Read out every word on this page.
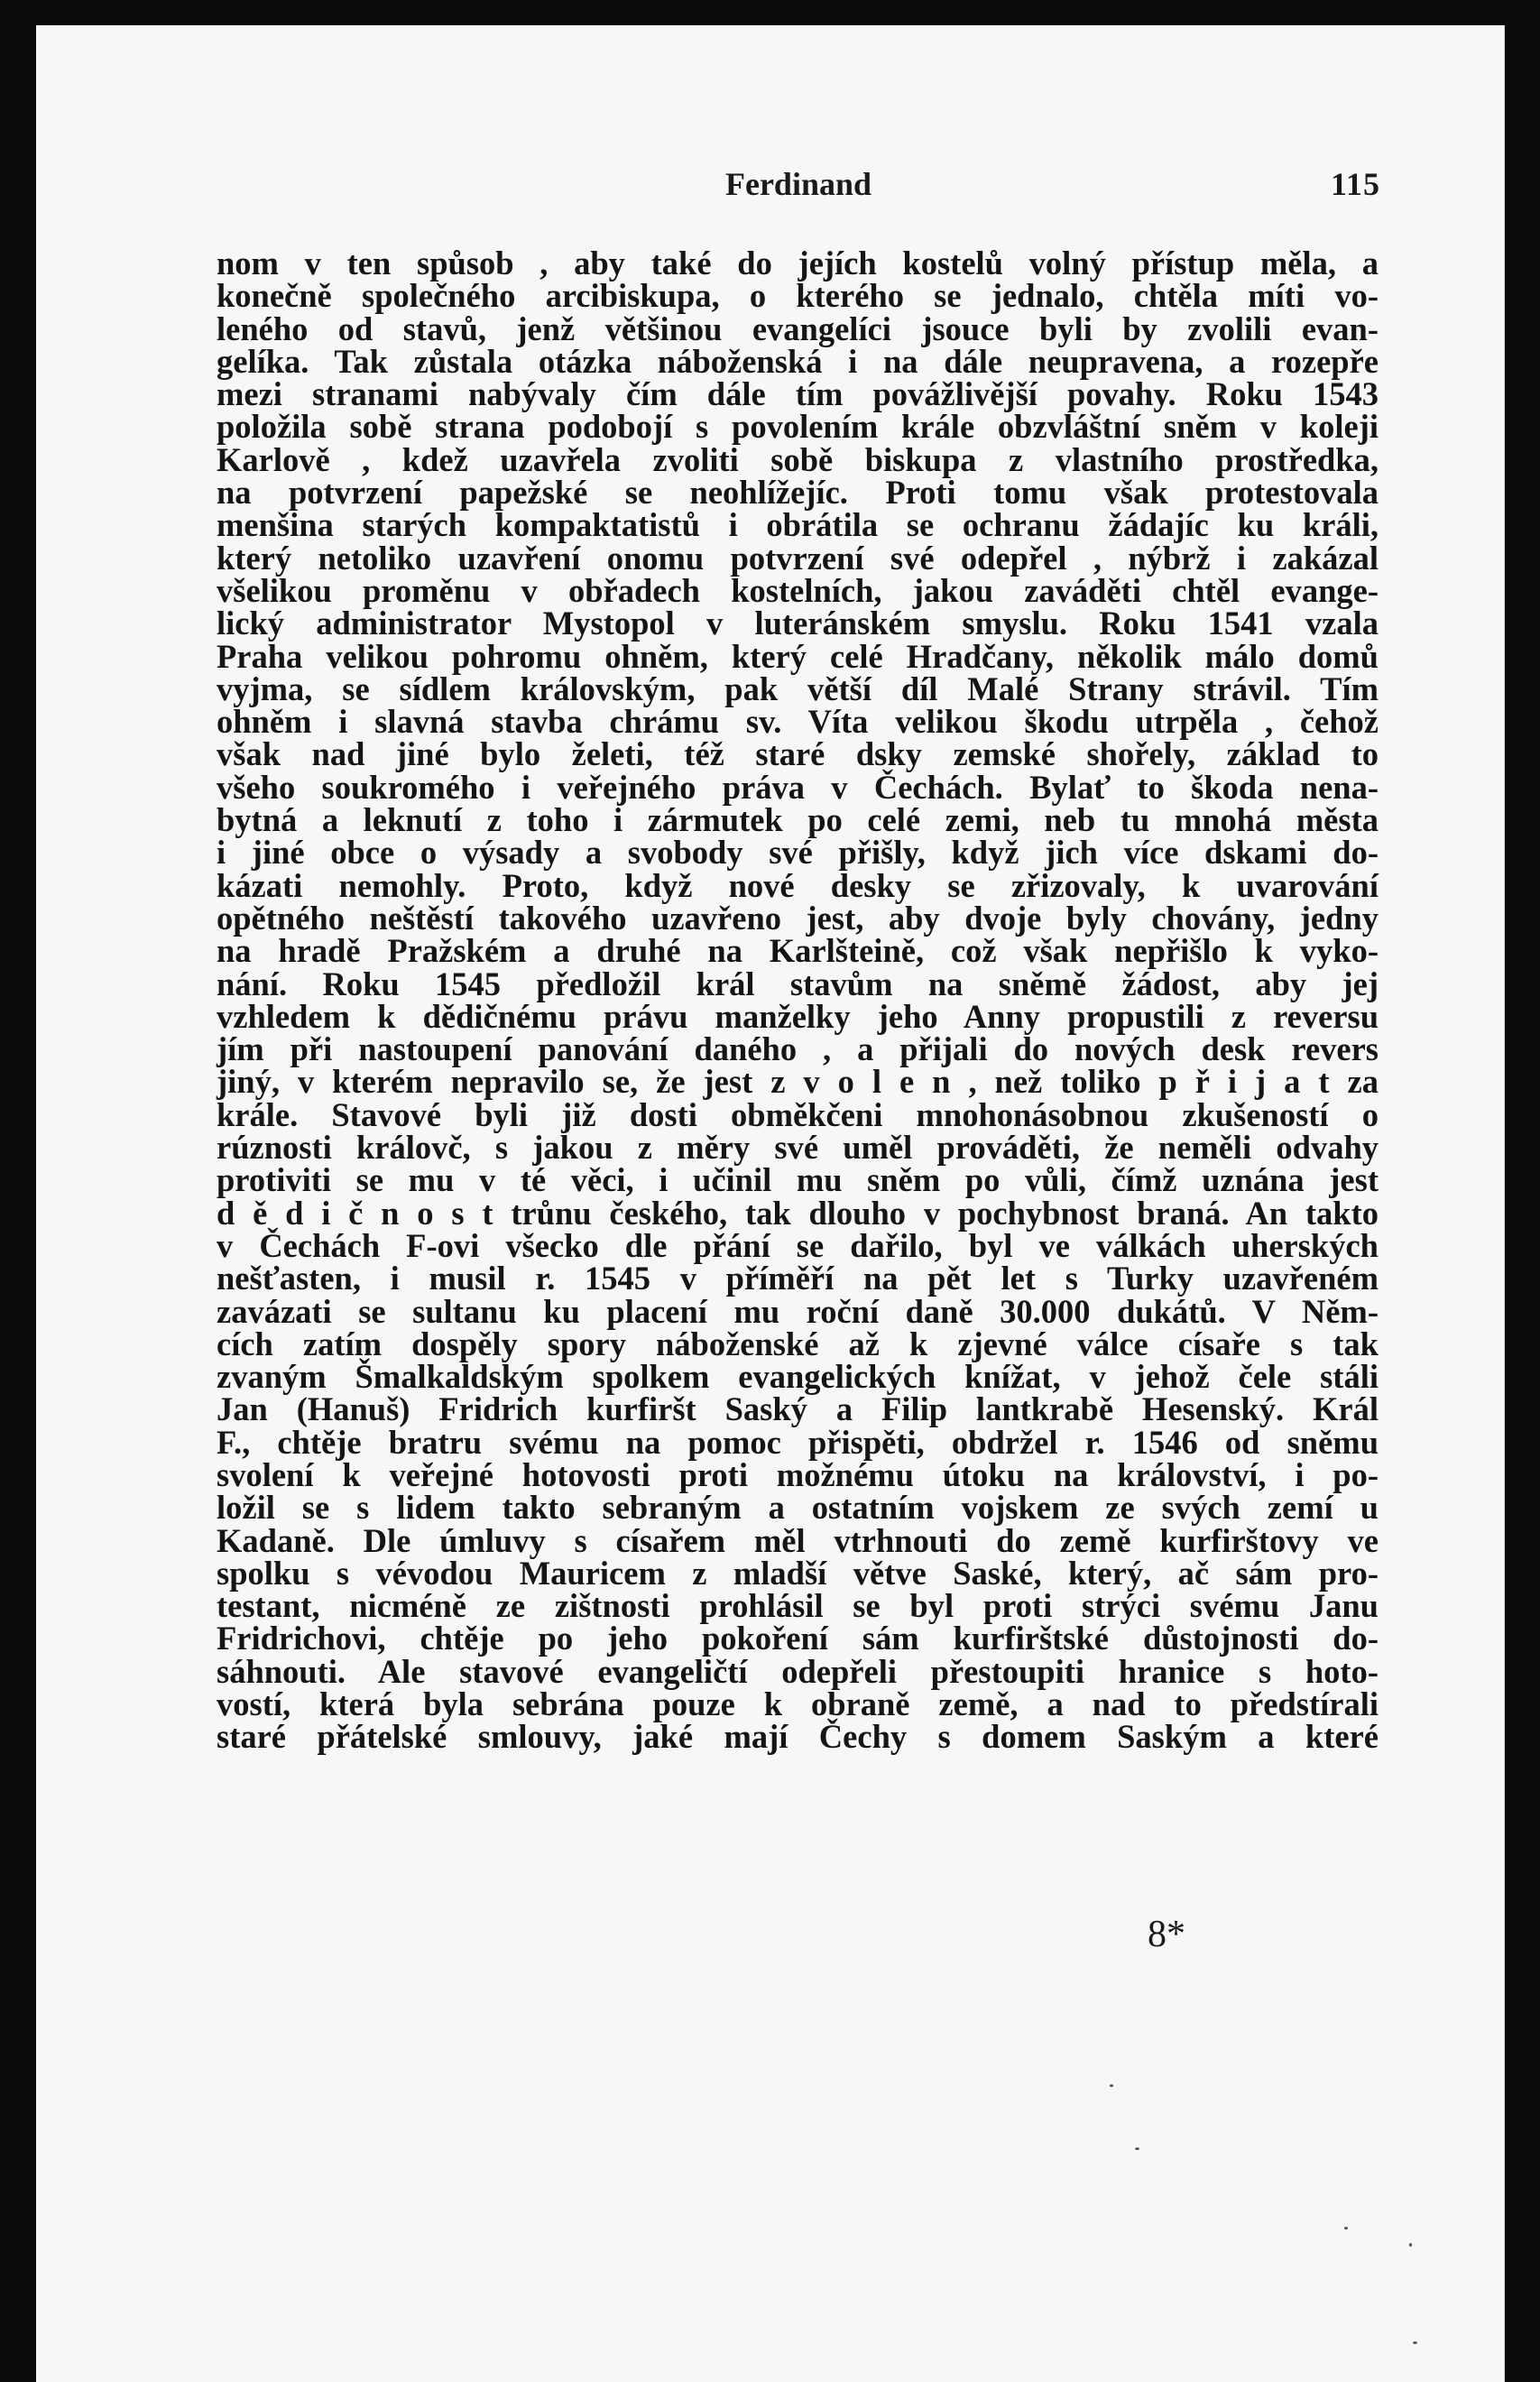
Ferdinand	115
nom v ten spůsob , aby také do jejích kostelů volný přístup měla, a
konečně společného arcibiskupa, o kterého se jednalo, chtěla míti vo-
leného od stavů, jenž většinou evangelíci jsouce byli by zvolili evan-
gelíka. Tak zůstala otázka náboženská i na dále neupravena, a rozepře
mezi stranami nabývaly čím dále tím povážlivější povahy. Roku 1543
položila sobě strana podobojí s povolením krále obzvláštní sněm v koleji
Karlově , kdež uzavřela zvoliti sobě biskupa z vlastního prostředka,
na potvrzení papežské se neohlížejíc. Proti tomu však protestovala
menšina starých kompaktatistů i obrátila se ochranu žádajíc ku králi,
který netoliko uzavření onomu potvrzení své odepřel , nýbrž i zakázal
všelikou proměnu v obřadech kostelních, jakou zaváděti chtěl evange-
lický administrator Mystopol v luteránském smyslu. Roku 1541 vzala
Praha velikou pohromu ohněm, který celé Hradčany, několik málo domů
vyjma, se sídlem královským, pak větší díl Malé Strany strávil. Tím
ohněm i slavná stavba chrámu sv. Víta velikou škodu utrpěla , čehož
však nad jiné bylo želeti, též staré dsky zemské shořely, základ to
všeho soukromého i veřejného práva v Čechách. Bylať to škoda nena-
bytná a leknutí z toho i zármutek po celé zemi, neb tu mnohá města
i jiné obce o výsady a svobody své přišly, když jich více dskami do-
kázati nemohly. Proto, když nové desky se zřizovaly, k uvarování
opětného neštěstí takového uzavřeno jest, aby dvoje byly chovány, jedny
na hradě Pražském a druhé na Karlšteině, což však nepřišlo k vyko-
nání. Roku 1545 předložil král stavům na sněmě žádost, aby jej
vzhledem k dědičnému právu manželky jeho Anny propustili z reversu
jím při nastoupení panování daného , a přijali do nových desk revers
jiný, v kterém nepravilo se, že jest z v o l e n , než toliko p ř i j a t za
krále. Stavové byli již dosti obměkčeni mnohonásobnou zkušeností o
rúznosti královč, s jakou z měry své uměl prováděti, že neměli odvahy
protiviti se mu v té věci, i učinil mu sněm po vůli, čímž uznána jest
d ě d i č n o s t trůnu českého, tak dlouho v pochybnost braná. An takto
v Čechách F-ovi všecko dle přání se dařilo, byl ve válkách uherských
nešťasten, i musil r. 1545 v příměří na pět let s Turky uzavřeném
zavázati se sultanu ku placení mu roční daně 30.000 dukátů. V Něm-
cích zatím dospěly spory náboženské až k zjevné válce císaře s tak
zvaným Šmalkaldským spolkem evangelických knížat, v jehož čele stáli
Jan (Hanuš) Fridrich kurfiršt Saský a Filip lantkrabě Hesenský. Král
F., chtěje bratru svému na pomoc přispěti, obdržel r. 1546 od sněmu
svolení k veřejné hotovosti proti možnému útoku na království, i po-
ložil se s lidem takto sebraným a ostatním vojskem ze svých zemí u
Kadaně. Dle úmluvy s císařem měl vtrhnouti do země kurfirštovy ve
spolku s vévodou Mauricem z mladší větve Saské, který, ač sám pro-
testant, nicméně ze zištnosti prohlásil se byl proti strýci svému Janu
Fridrichovi, chtěje po jeho pokoření sám kurfirštské důstojnosti do-
sáhnouti. Ale stavové evangeličtí odepřeli přestoupiti hranice s hoto-
vostí, která byla sebrána pouze k obraně země, a nad to předstírali
staré přátelské smlouvy, jaké mají Čechy s domem Saským a které
8*
